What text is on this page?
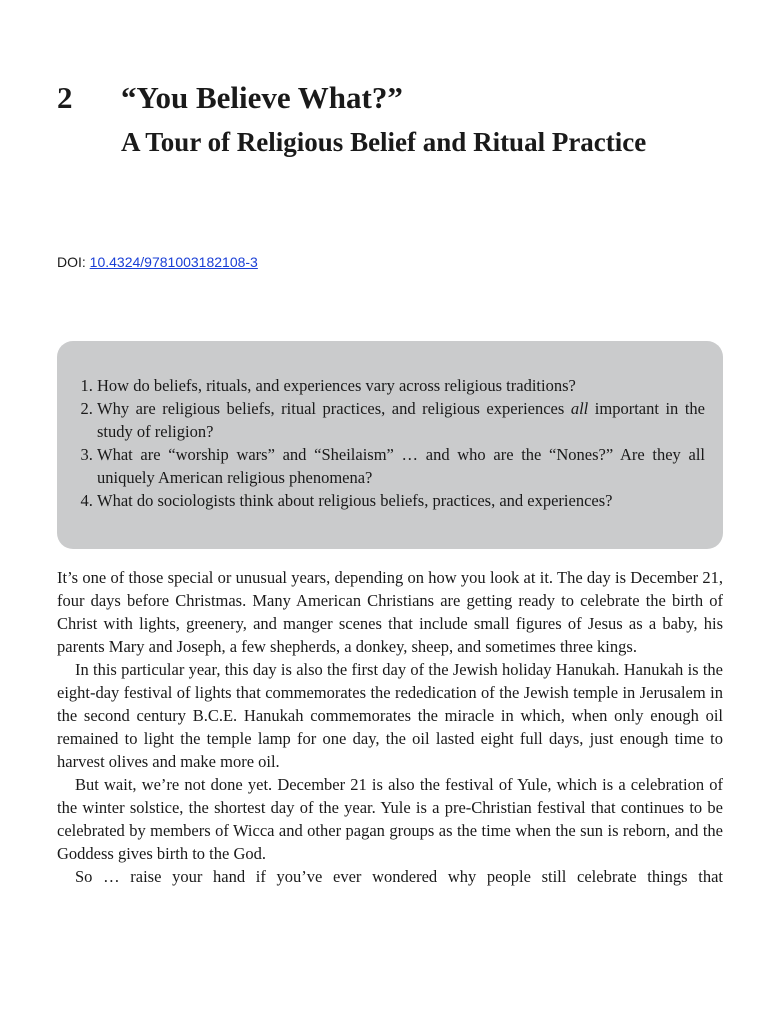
2 “You Believe What?”
A Tour of Religious Belief and Ritual Practice
DOI: 10.4324/9781003182108-3
1. How do beliefs, rituals, and experiences vary across religious traditions?
2. Why are religious beliefs, ritual practices, and religious experiences all important in the study of religion?
3. What are “worship wars” and “Sheilaism” … and who are the “Nones?” Are they all uniquely American religious phenomena?
4. What do sociologists think about religious beliefs, practices, and experiences?

It’s one of those special or unusual years, depending on how you look at it. The day is December 21, four days before Christmas. Many American Christians are getting ready to celebrate the birth of Christ with lights, greenery, and manger scenes that include small figures of Jesus as a baby, his parents Mary and Joseph, a few shepherds, a donkey, sheep, and sometimes three kings.

In this particular year, this day is also the first day of the Jewish holiday Hanukah. Hanukah is the eight-day festival of lights that commemorates the rededication of the Jewish temple in Jerusalem in the second century B.C.E. Hanukah commemorates the miracle in which, when only enough oil remained to light the temple lamp for one day, the oil lasted eight full days, just enough time to harvest olives and make more oil.

But wait, we’re not done yet. December 21 is also the festival of Yule, which is a celebration of the winter solstice, the shortest day of the year. Yule is a pre-Christian festival that continues to be celebrated by members of Wicca and other pagan groups as the time when the sun is reborn, and the Goddess gives birth to the God.

So … raise your hand if you’ve ever wondered why people still celebrate things that
